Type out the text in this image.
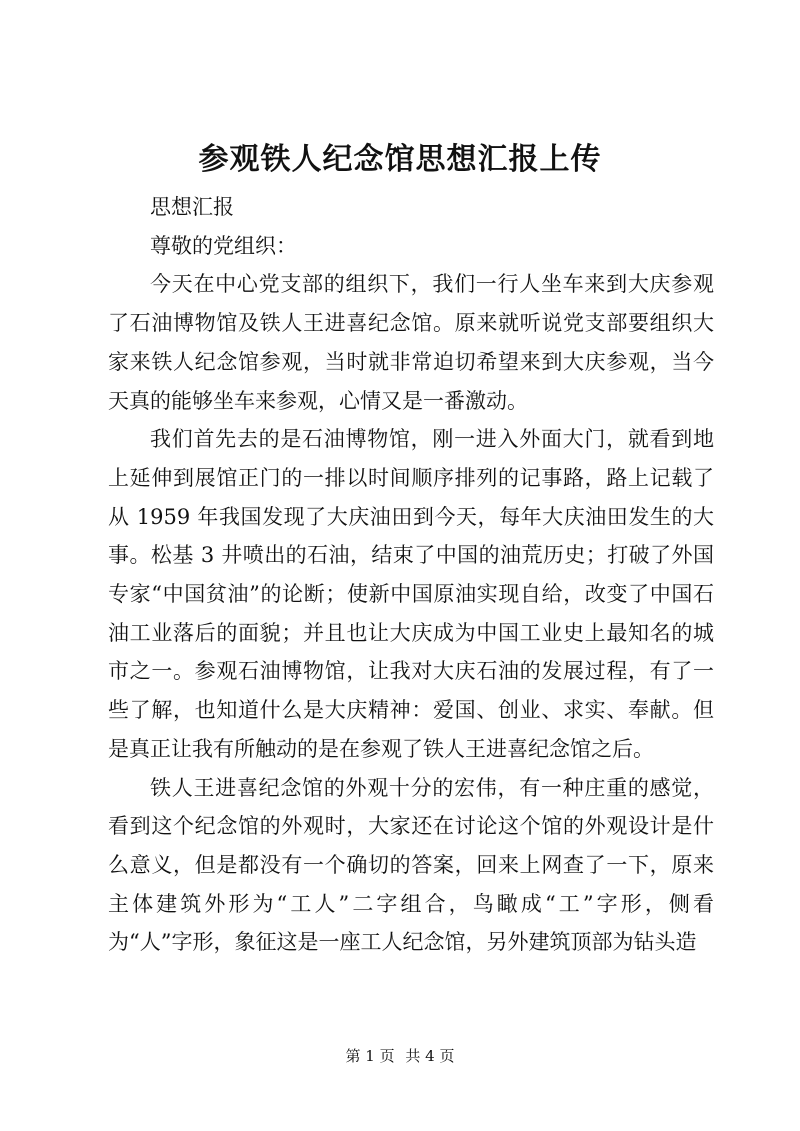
参观铁人纪念馆思想汇报上传

思想汇报

尊敬的党组织：

今天在中心党支部的组织下，我们一行人坐车来到大庆参观了石油博物馆及铁人王进喜纪念馆。原来就听说党支部要组织大家来铁人纪念馆参观，当时就非常迫切希望来到大庆参观，当今天真的能够坐车来参观，心情又是一番激动。

我们首先去的是石油博物馆，刚一进入外面大门，就看到地上延伸到展馆正门的一排以时间顺序排列的记事路，路上记载了从 1959 年我国发现了大庆油田到今天，每年大庆油田发生的大事。松基 3 井喷出的石油，结束了中国的油荒历史；打破了外国专家“中国贫油”的论断；使新中国原油实现自给，改变了中国石油工业落后的面貌；并且也让大庆成为中国工业史上最知名的城市之一。参观石油博物馆，让我对大庆石油的发展过程，有了一些了解，也知道什么是大庆精神：爱国、创业、求实、奉献。但是真正让我有所触动的是在参观了铁人王进喜纪念馆之后。

铁人王进喜纪念馆的外观十分的宏伟，有一种庄重的感觉，看到这个纪念馆的外观时，大家还在讨论这个馆的外观设计是什么意义，但是都没有一个确切的答案，回来上网查了一下，原来主体建筑外形为“工人”二字组合，鸟瞰成“工”字形，侧看为“人”字形，象征这是一座工人纪念馆，另外建筑顶部为钻头造

第 1 页 共 4 页
